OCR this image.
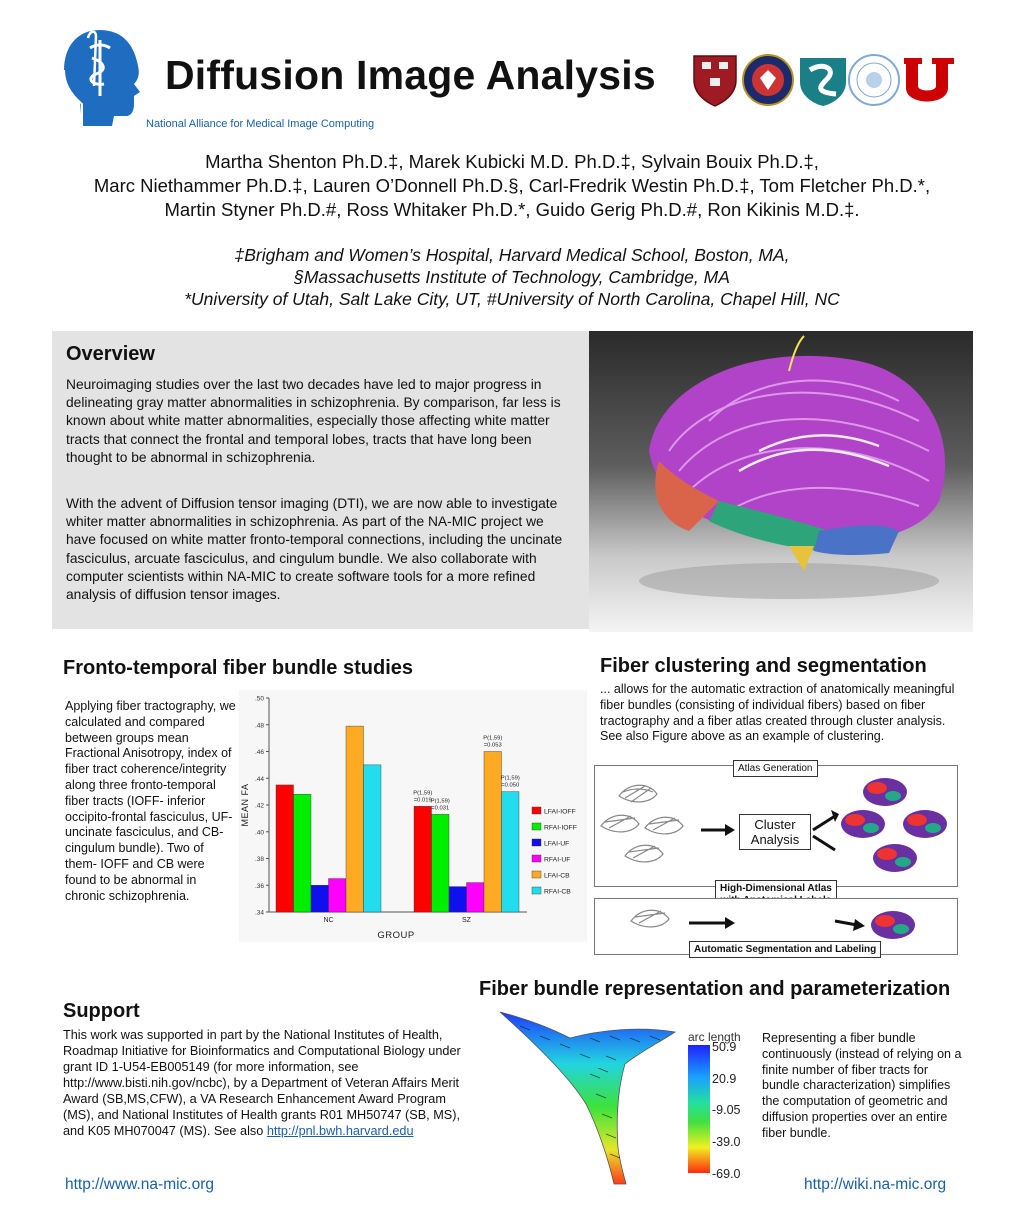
Diffusion Image Analysis
National Alliance for Medical Image Computing
Martha Shenton Ph.D.‡, Marek Kubicki M.D. Ph.D.‡, Sylvain Bouix Ph.D.‡,
Marc Niethammer Ph.D.‡, Lauren O’Donnell Ph.D.§, Carl-Fredrik Westin Ph.D.‡, Tom Fletcher Ph.D.*,
Martin Styner Ph.D.#, Ross Whitaker Ph.D.*, Guido Gerig Ph.D.#, Ron Kikinis M.D.‡.
‡Brigham and Women’s Hospital, Harvard Medical School, Boston, MA,
§Massachusetts Institute of Technology, Cambridge, MA
*University of Utah, Salt Lake City, UT, #University of North Carolina, Chapel Hill, NC
Overview
Neuroimaging studies over the last two decades have led to major progress in delineating gray matter abnormalities in schizophrenia. By comparison, far less is known about white matter abnormalities, especially those affecting white matter tracts that connect the frontal and temporal lobes, tracts that have long been thought to be abnormal in schizophrenia.
With the advent of Diffusion tensor imaging (DTI), we are now able to investigate whiter matter abnormalities in schizophrenia. As part of the NA-MIC project we have focused on white matter fronto-temporal connections, including the uncinate fasciculus, arcuate fasciculus, and cingulum bundle. We also collaborate with computer scientists within NA-MIC to create software tools for a more refined analysis of diffusion tensor images.
Fronto-temporal fiber bundle studies
Applying fiber tractography, we calculated and compared between groups mean Fractional Anisotropy, index of fiber tract coherence/integrity along three fronto-temporal fiber tracts (IOFF- inferior occipito-frontal fasciculus, UF- uncinate fasciculus, and CB- cingulum bundle). Two of them- IOFF and CB were found to be abnormal in chronic schizophrenia.
.34
.36
.38
.40
.42
.44
.46
.48
.50
MEAN FA
NC	SZ
P(1,59)
=0.019 P(1,59)
=0.031
P(1,59)
=0.053
P(1,59)
=0.050
GROUP
LFAI-IOFF
RFAI-IOFF
LFAI-UF
RFAI-UF
LFAI-CB
RFAI-CB
Fiber clustering and segmentation
... allows for the automatic extraction of anatomically meaningful fiber bundles (consisting of individual fibers) based on fiber tractography and a fiber atlas created through cluster analysis. See also Figure above as an example of clustering.
Atlas Generation
Cluster Analysis
High-Dimensional Atlas
Automatic Segmentation and Labeling
Support
This work was supported in part by the National Institutes of Health, Roadmap Initiative for Bioinformatics and Computational Biology under grant ID 1-U54-EB005149 (for more information, see http://www.bisti.nih.gov/ncbc), by a Department of Veteran Affairs Merit Award (SB,MS,CFW), a VA Research Enhancement Award Program (MS), and National Institutes of Health grants R01 MH50747 (SB, MS), and K05 MH070047 (MS). See also http://pnl.bwh.harvard.edu
Fiber bundle representation and parameterization
arc length
50.9
20.9
-9.05
-39.0
-69.0
Representing a fiber bundle continuously (instead of relying on a finite number of fiber tracts for bundle characterization) simplifies the computation of geometric and diffusion properties over an entire fiber bundle.
http://www.na-mic.org	http://wiki.na-mic.org
